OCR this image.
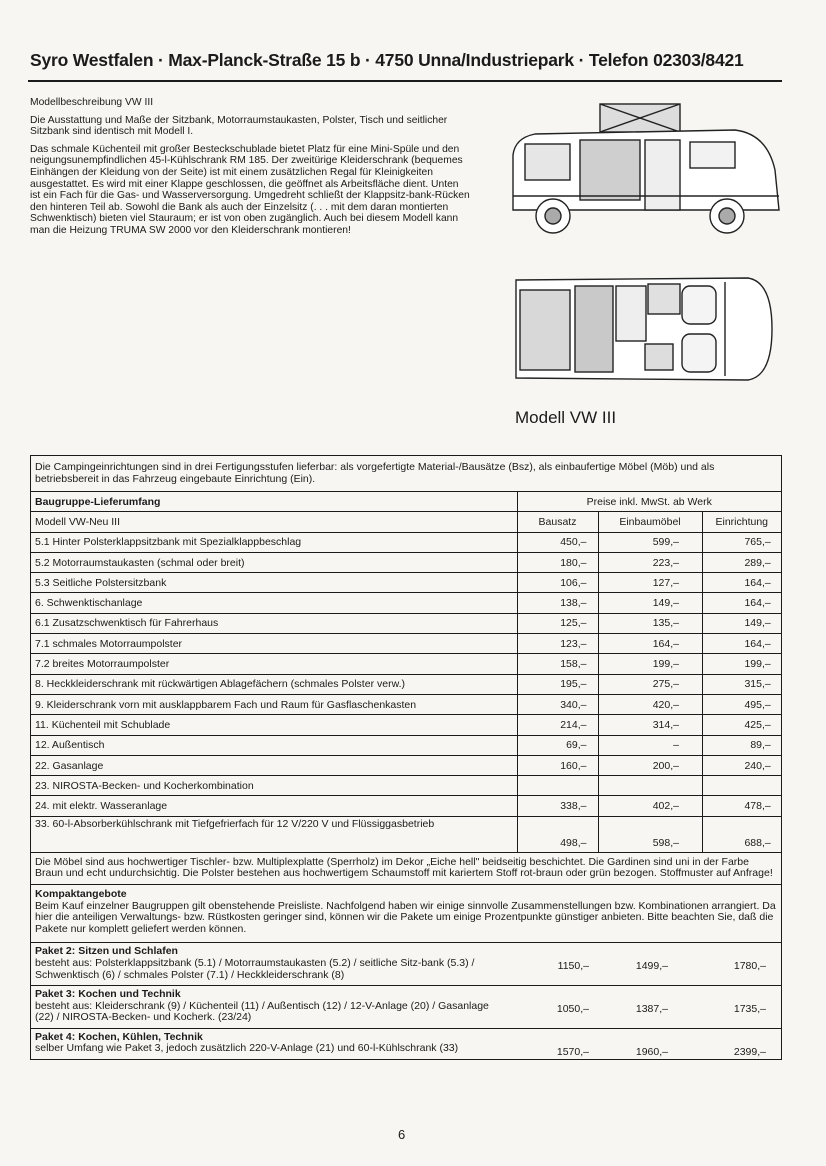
Syro Westfalen · Max-Planck-Straße 15 b · 4750 Unna/Industriepark · Telefon 02303/8421

Modellbeschreibung VW III

Die Ausstattung und Maße der Sitzbank, Motorraumstaukasten, Polster, Tisch und seitlicher Sitzbank sind identisch mit Modell I.

Das schmale Küchenteil mit großer Besteckschublade bietet Platz für eine Mini-Spüle und den neigungsunempfindlichen 45-l-Kühlschrank RM 185. Der zweitürige Kleiderschrank (bequemes Einhängen der Kleidung von der Seite) ist mit einem zusätzlichen Regal für Kleinigkeiten ausgestattet. Es wird mit einer Klappe geschlossen, die geöffnet als Arbeitsfläche dient. Unten ist ein Fach für die Gas- und Wasserversorgung. Umgedreht schließt der Klappsitz-bank-Rücken den hinteren Teil ab. Sowohl die Bank als auch der Einzelsitz (. . . mit dem daran montierten Schwenktisch) bieten viel Stauraum; er ist von oben zugänglich. Auch bei diesem Modell kann man die Heizung TRUMA SW 2000 vor den Kleiderschrank montieren!

Modell VW III
Die Campingeinrichtungen sind in drei Fertigungsstufen lieferbar: als vorgefertigte Material-/Bausätze (Bsz), als einbaufertige Möbel (Möb) und als betriebsbereit in das Fahrzeug eingebaute Einrichtung (Ein).
Baugruppe-Lieferumfang	Preise inkl. MwSt. ab Werk		
Modell VW-Neu III	Bausatz	Einbaumöbel	Einrichtung
5.1 Hinter Polsterklappsitzbank mit Spezialklappbeschlag	450,–	599,–	765,–
5.2 Motorraumstaukasten (schmal oder breit)	180,–	223,–	289,–
5.3 Seitliche Polstersitzbank	106,–	127,–	164,–
6. Schwenktischanlage	138,–	149,–	164,–
6.1 Zusatzschwenktisch für Fahrerhaus	125,–	135,–	149,–
7.1 schmales Motorraumpolster	123,–	164,–	164,–
7.2 breites Motorraumpolster	158,–	199,–	199,–
8. Heckkleiderschrank mit rückwärtigen Ablagefächern (schmales Polster verw.)	195,–	275,–	315,–
9. Kleiderschrank vorn mit ausklappbarem Fach und Raum für Gasflaschenkasten	340,–	420,–	495,–
11. Küchenteil mit Schublade	214,–	314,–	425,–
12. Außentisch	69,–	–	89,–
22. Gasanlage	160,–	200,–	240,–
23. NIROSTA-Becken- und Kocherkombination			
24. mit elektr. Wasseranlage	338,–	402,–	478,–
33. 60-l-Absorberkühlschrank mit Tiefgefrierfach für 12 V/220 V und Flüssiggasbetrieb	498,–	598,–	688,–
Die Möbel sind aus hochwertiger Tischler- bzw. Multiplexplatte (Sperrholz) im Dekor „Eiche hell" beidseitig beschichtet. Die Gardinen sind uni in der Farbe Braun und echt undurchsichtig. Die Polster bestehen aus hochwertigem Schaumstoff mit kariertem Stoff rot-braun oder grün bezogen. Stoffmuster auf Anfrage!
Kompaktangebote
Beim Kauf einzelner Baugruppen gilt obenstehende Preisliste. Nachfolgend haben wir einige sinnvolle Zusammenstellungen bzw. Kombinationen arrangiert. Da hier die anteiligen Verwaltungs- bzw. Rüstkosten geringer sind, können wir die Pakete um einige Prozentpunkte günstiger anbieten. Bitte beachten Sie, daß die Pakete nur komplett geliefert werden können.
Paket 2: Sitzen und Schlafen
besteht aus: Polsterklappsitzbank (5.1) / Motorraumstaukasten (5.2) / seitliche Sitz-bank (5.3) / Schwenktisch (6) / schmales Polster (7.1) / Heckkleiderschrank (8)
1150,–	1499,–	1780,–
Paket 3: Kochen und Technik
besteht aus: Kleiderschrank (9) / Küchenteil (11) / Außentisch (12) / 12-V-Anlage (20) / Gasanlage (22) / NIROSTA-Becken- und Kocherk. (23/24)
1050,–	1387,–	1735,–
Paket 4: Kochen, Kühlen, Technik
selber Umfang wie Paket 3, jedoch zusätzlich 220-V-Anlage (21) und 60-l-Kühlschrank (33)	1570,–	1960,–	2399,–
6
